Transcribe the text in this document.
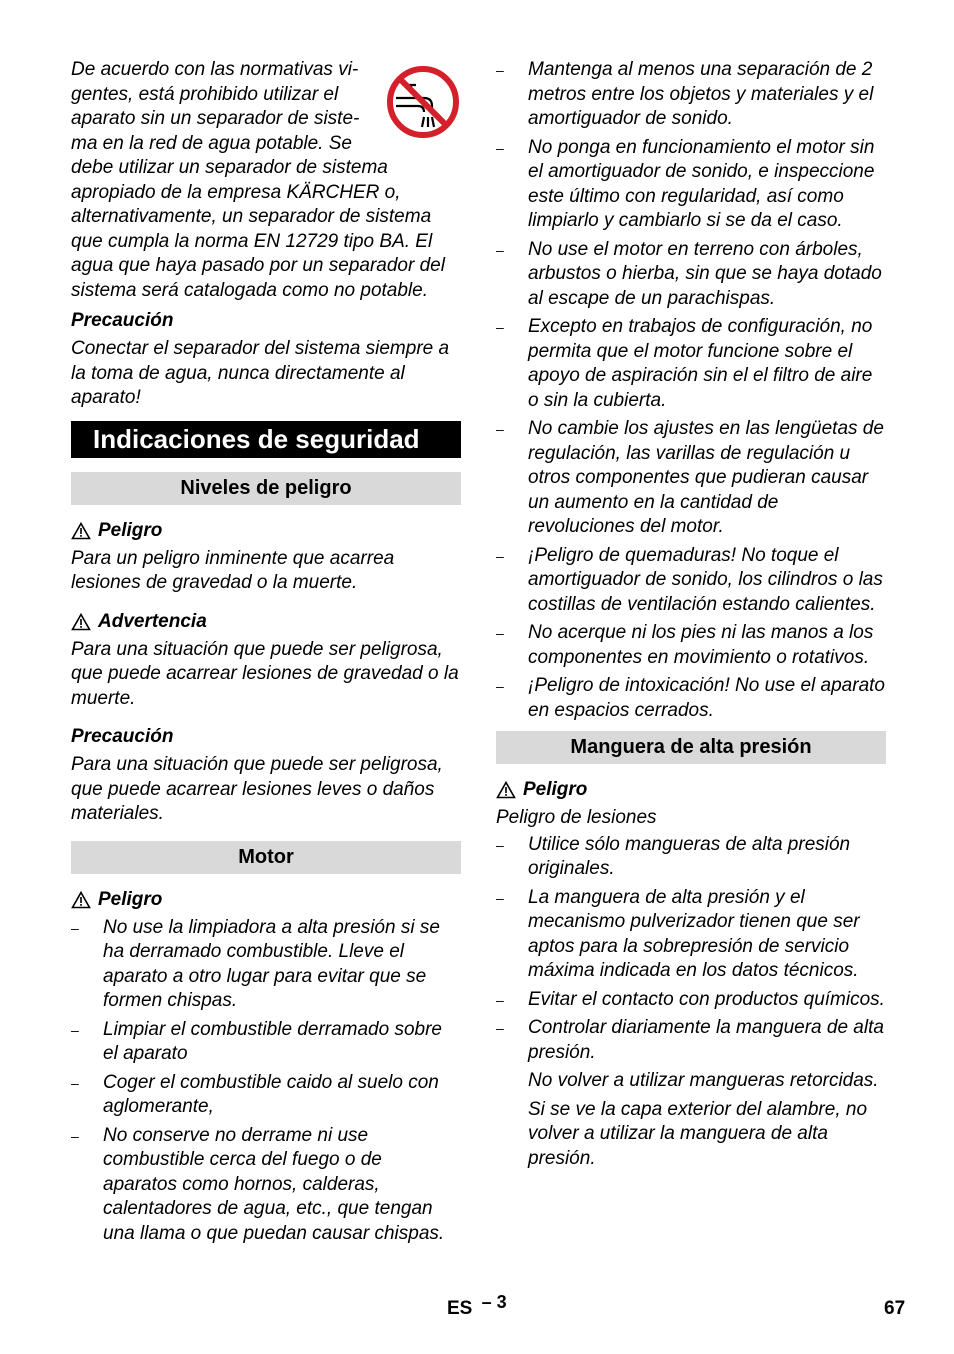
De acuerdo con las normativas vi-

gentes, está prohibido utilizar el

aparato sin un separador de siste-

ma en la red de agua potable. Se

debe utilizar un separador de sistema apropiado de la empresa KÄRCHER o, alternativamente, un separador de sistema que cumpla la norma EN 12729 tipo BA. El agua que haya pasado por un separador del sistema será catalogada como no potable.

Precaución

Conectar el separador del sistema siempre a la toma de agua, nunca directamente al aparato!

Indicaciones de seguridad
Niveles de peligro
Peligro

Para un peligro inminente que acarrea lesiones de gravedad o la muerte.

Advertencia

Para una situación que puede ser peligrosa, que puede acarrear lesiones de gravedad o la muerte.

Precaución

Para una situación que puede ser peligrosa, que puede acarrear lesiones leves o daños materiales.

Motor
Peligro
– No use la limpiadora a alta presión si se ha derramado combustible. Lleve el aparato a otro lugar para evitar que se formen chispas.
– Limpiar el combustible derramado sobre el aparato
– Coger el combustible caido al suelo con aglomerante,
– No conserve no derrame ni use combustible cerca del fuego o de aparatos como hornos, calderas, calentadores de agua, etc., que tengan una llama o que puedan causar chispas.
– Mantenga al menos una separación de 2 metros entre los objetos y materiales y el amortiguador de sonido.
– No ponga en funcionamiento el motor sin el amortiguador de sonido, e inspeccione este último con regularidad, así como limpiarlo y cambiarlo si se da el caso.
– No use el motor en terreno con árboles, arbustos o hierba, sin que se haya dotado al escape de un parachispas.
– Excepto en trabajos de configuración, no permita que el motor funcione sobre el apoyo de aspiración sin el el filtro de aire o sin la cubierta.
– No cambie los ajustes en las lengüetas de regulación, las varillas de regulación u otros componentes que pudieran causar un aumento en la cantidad de revoluciones del motor.
– ¡Peligro de quemaduras! No toque el amortiguador de sonido, los cilindros o las costillas de ventilación estando calientes.
– No acerque ni los pies ni las manos a los componentes en movimiento o rotativos.
– ¡Peligro de intoxicación! No use el aparato en espacios cerrados.
Manguera de alta presión
Peligro

Peligro de lesiones

– Utilice sólo mangueras de alta presión originales.
– La manguera de alta presión y el mecanismo pulverizador tienen que ser aptos para la sobrepresión de servicio máxima indicada en los datos técnicos.
– Evitar el contacto con productos químicos.
– Controlar diariamente la manguera de alta presión.

No volver a utilizar mangueras retorcidas.

Si se ve la capa exterior del alambre, no volver a utilizar la manguera de alta presión.

ES – 3	67
